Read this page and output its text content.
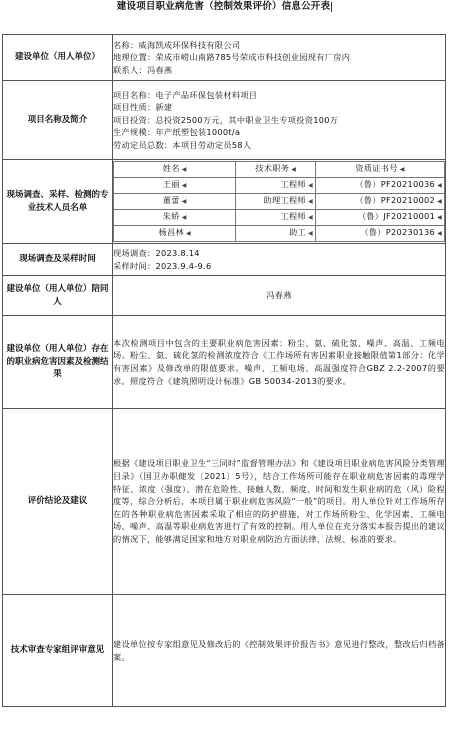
建设项目职业病危害（控制效果评价）信息公开表
建设单位（用人单位）	
名称：威海凯成环保科技有限公司
地理位置：荣成市崂山南路785号荣成市科技创业园现有厂房内
联系人：冯春燕

项目名称及简介	
项目名称：电子产品环保包装材料项目
项目性质：新建
项目投资：总投资2500万元，其中职业卫生专项投资100万
生产规模：年产纸塑包装1000t/a
劳动定员总数：本项目劳动定员58人

现场调查、采样、检测的专业技术人员名单	
姓名 ◀	技术职务 ◀	资质证书号 ◀
王丽 ◀	工程师 ◀	（鲁）PF20210036 ◀
董蕾 ◀	助理工程师 ◀	（鲁）PF20210002 ◀
朱娇 ◀	工程师 ◀	（鲁）JF20210001 ◀
杨昌林 ◀	助工 ◀	（鲁）P20230136 ◀

现场调查及采样时间	
现场调查：2023.8.14
采样时间：2023.9.4-9.6

建设单位（用人单位）陪同人	冯春燕
建设单位（用人单位）存在的职业病危害因素及检测结果	本次检测项目中包含的主要职业病危害因素：粉尘、氨、硫化氢、噪声、高温、工频电场。粉尘、氨、硫化氢的检测浓度符合《工作场所有害因素职业接触限值第1部分：化学有害因素》及修改单的限值要求。噪声、工频电场、高温强度符合GBZ 2.2-2007的要求。照度符合《建筑照明设计标准》GB 50034-2013的要求。
评价结论及建议	根据《建设项目职业卫生“三同时”监督管理办法》和《建设项目职业病危害风险分类管理目录》（国卫办职健发〔2021〕5号），结合工作场所可能存在职业病危害因素的毒理学特征、浓度（强度）、潜在危险性、接触人数、频度、时间和发生职业病的危（风）险程度等，综合分析后，本项目属于职业病危害风险“一般”的项目。用人单位针对工作场所存在的各种职业病危害因素采取了相应的防护措施，对工作场所粉尘、化学因素、工频电场、噪声、高温等职业病危害进行了有效的控制。用人单位在充分落实本报告提出的建议的情况下，能够满足国家和地方对职业病防治方面法律、法规、标准的要求。
技术审查专家组评审意见	建设单位按专家组意见及修改后的《控制效果评价报告书》意见进行整改，整改后归档备案。
